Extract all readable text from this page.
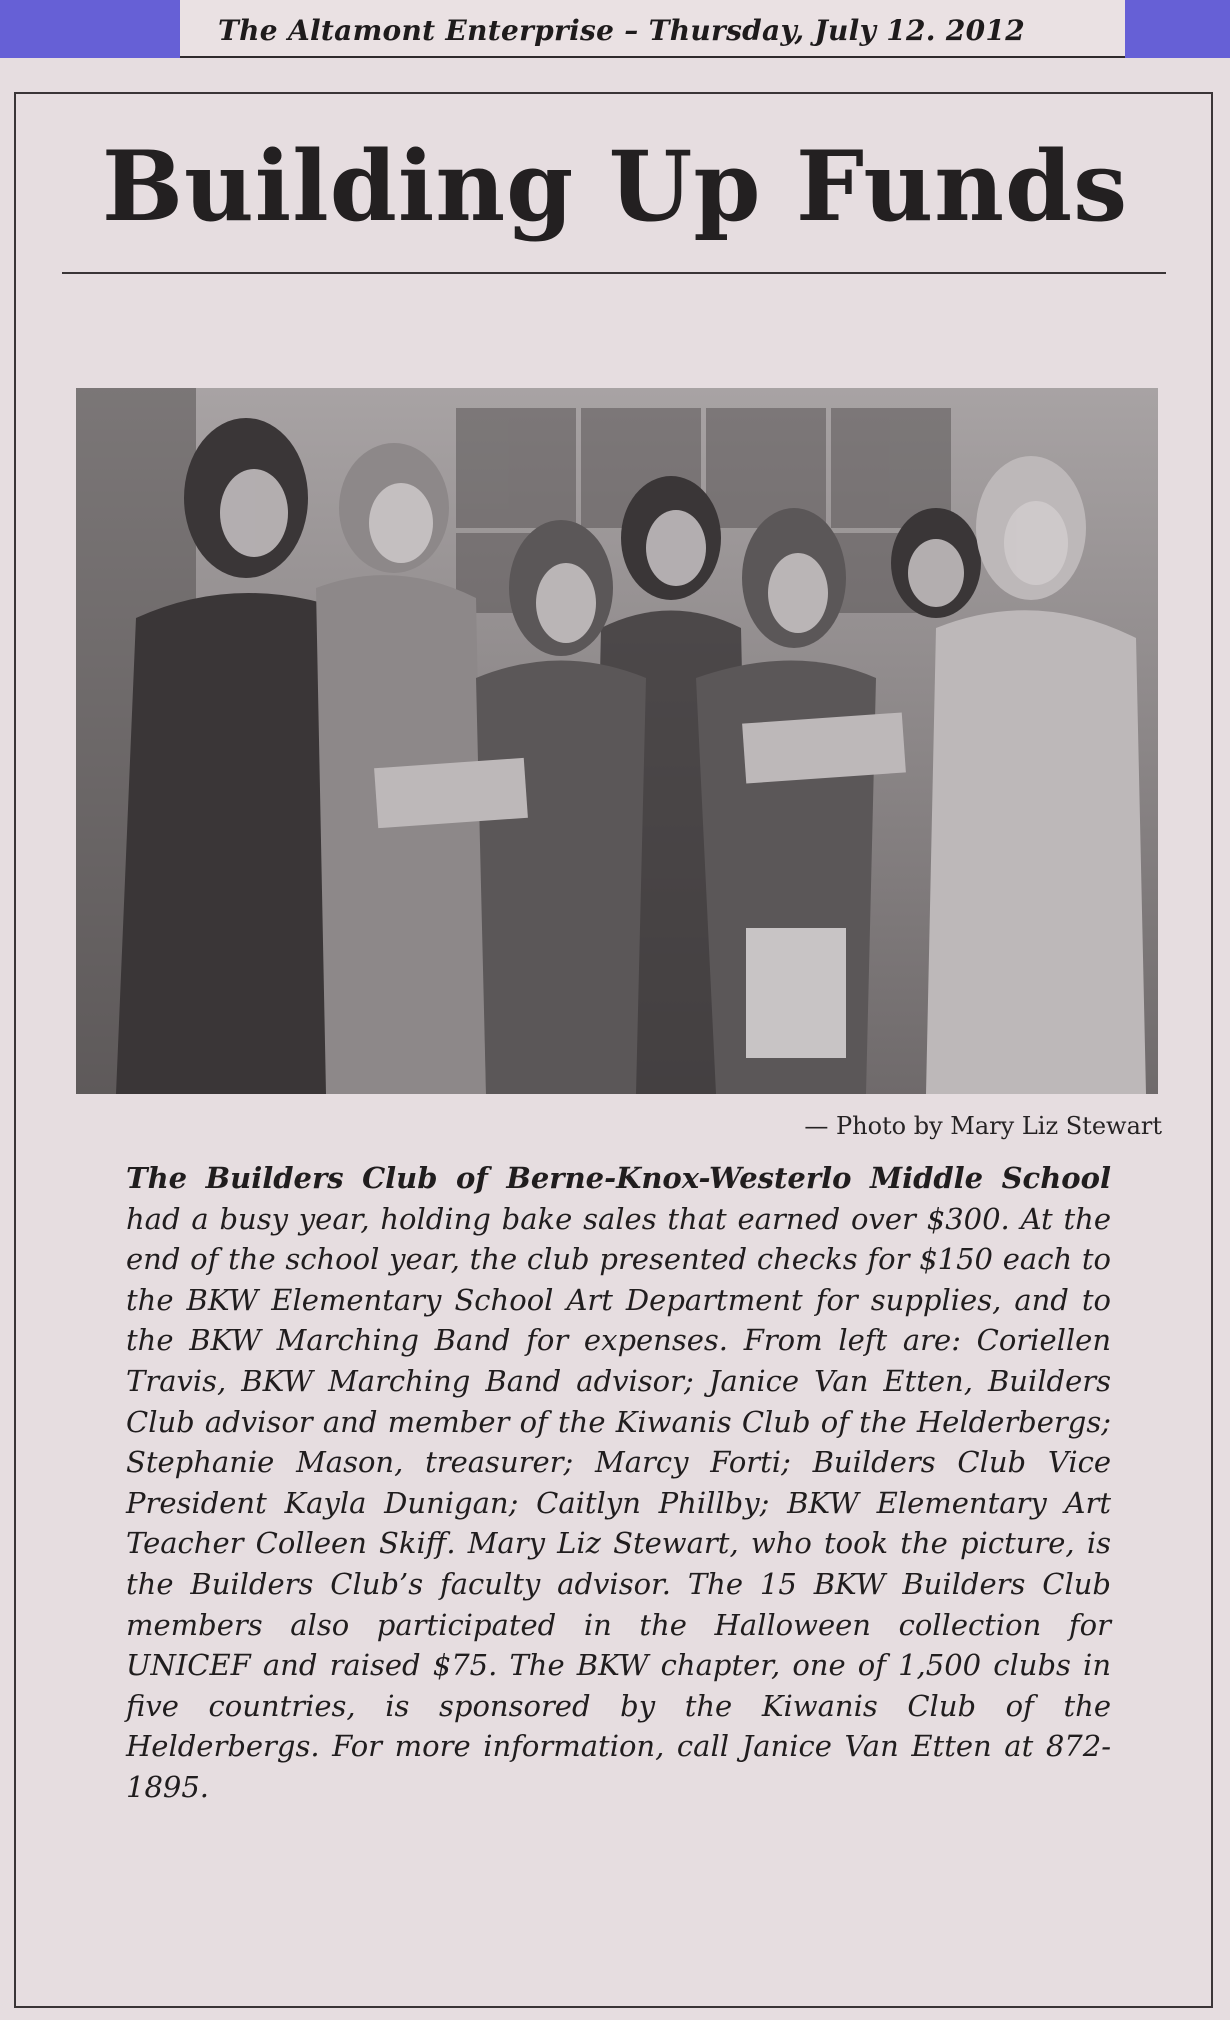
The Altamont Enterprise – Thursday, July 12. 2012
Building Up Funds
— Photo by Mary Liz Stewart
The Builders Club of Berne-Knox-Westerlo Middle School had a busy year, holding bake sales that earned over $300. At the end of the school year, the club presented checks for $150 each to the BKW Elementary School Art Department for supplies, and to the BKW Marching Band for expenses. From left are: Coriellen Travis, BKW Marching Band advisor; Janice Van Etten, Builders Club advisor and member of the Kiwanis Club of the Helderbergs; Stephanie Mason, treasurer; Marcy Forti; Builders Club Vice President Kayla Dunigan; Caitlyn Phillby; BKW Elementary Art Teacher Colleen Skiff. Mary Liz Stewart, who took the picture, is the Builders Club’s faculty advisor. The 15 BKW Builders Club members also participated in the Halloween collection for UNICEF and raised $75. The BKW chapter, one of 1,500 clubs in five countries, is sponsored by the Kiwanis Club of the Helderbergs. For more information, call Janice Van Etten at 872-1895.
